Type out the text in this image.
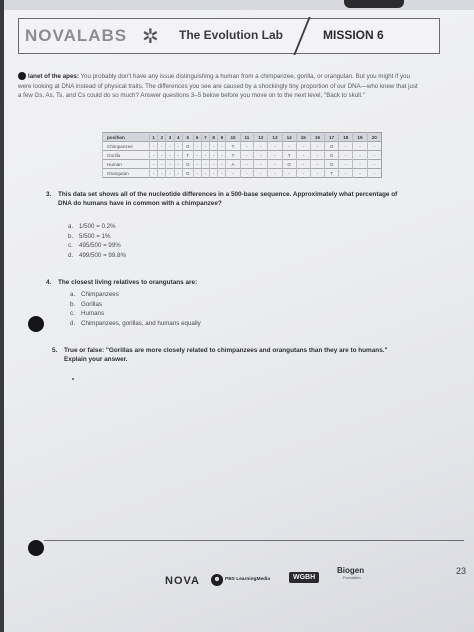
NOVALABS ✲ The Evolution Lab	MISSION 6
lanet of the apes: You probably don't have any issue distinguishing a human from a chimpanzee, gorilla, or orangutan. But you might if you were looking at DNA instead of physical traits. The differences you see are caused by a shockingly tiny proportion of our DNA—who knew that just a few Gs, As, Ts, and Cs could do so much? Answer questions 3–5 below before you move on to the next level, "Back to skull."
position	1	2	3	4	5	6	7	8	9	10	11	12	13	14	15	16	17	18	19	20
Chimpanzee	-	-	-	-	G	-	-	-	-	T	-	-	-	-	-	-	G	-	-	-
Gorilla	-	-	-	-	T	-	-	-	-	T	-	-	-	T	-	-	G	-	-	-
Human	-	-	-	-	G	-	-	-	-	A	-	-	-	G	-	-	G	-	-	-
Orangutan	-	-	-	-	G	-	-	-	-	-	-	-	-	-	-	-	T	-	-	-
3. This data set shows all of the nucleotide differences in a 500-base sequence. Approximately what percentage of DNA do humans have in common with a chimpanzee?
a. 1/500 = 0.2%
b. 5/500 = 1%
c. 495/500 = 99%
d. 499/500 = 99.8%
4. The closest living relatives to orangutans are:
a. Chimpanzees
b. Gorillas
c. Humans
d. Chimpanzees, gorillas, and humans equally
5. True or false: "Gorillas are more closely related to chimpanzees and orangutans than they are to humans." Explain your answer.
23
NOVA	☻ PBS LearningMedia	WGBH
Biogen
Foundation
